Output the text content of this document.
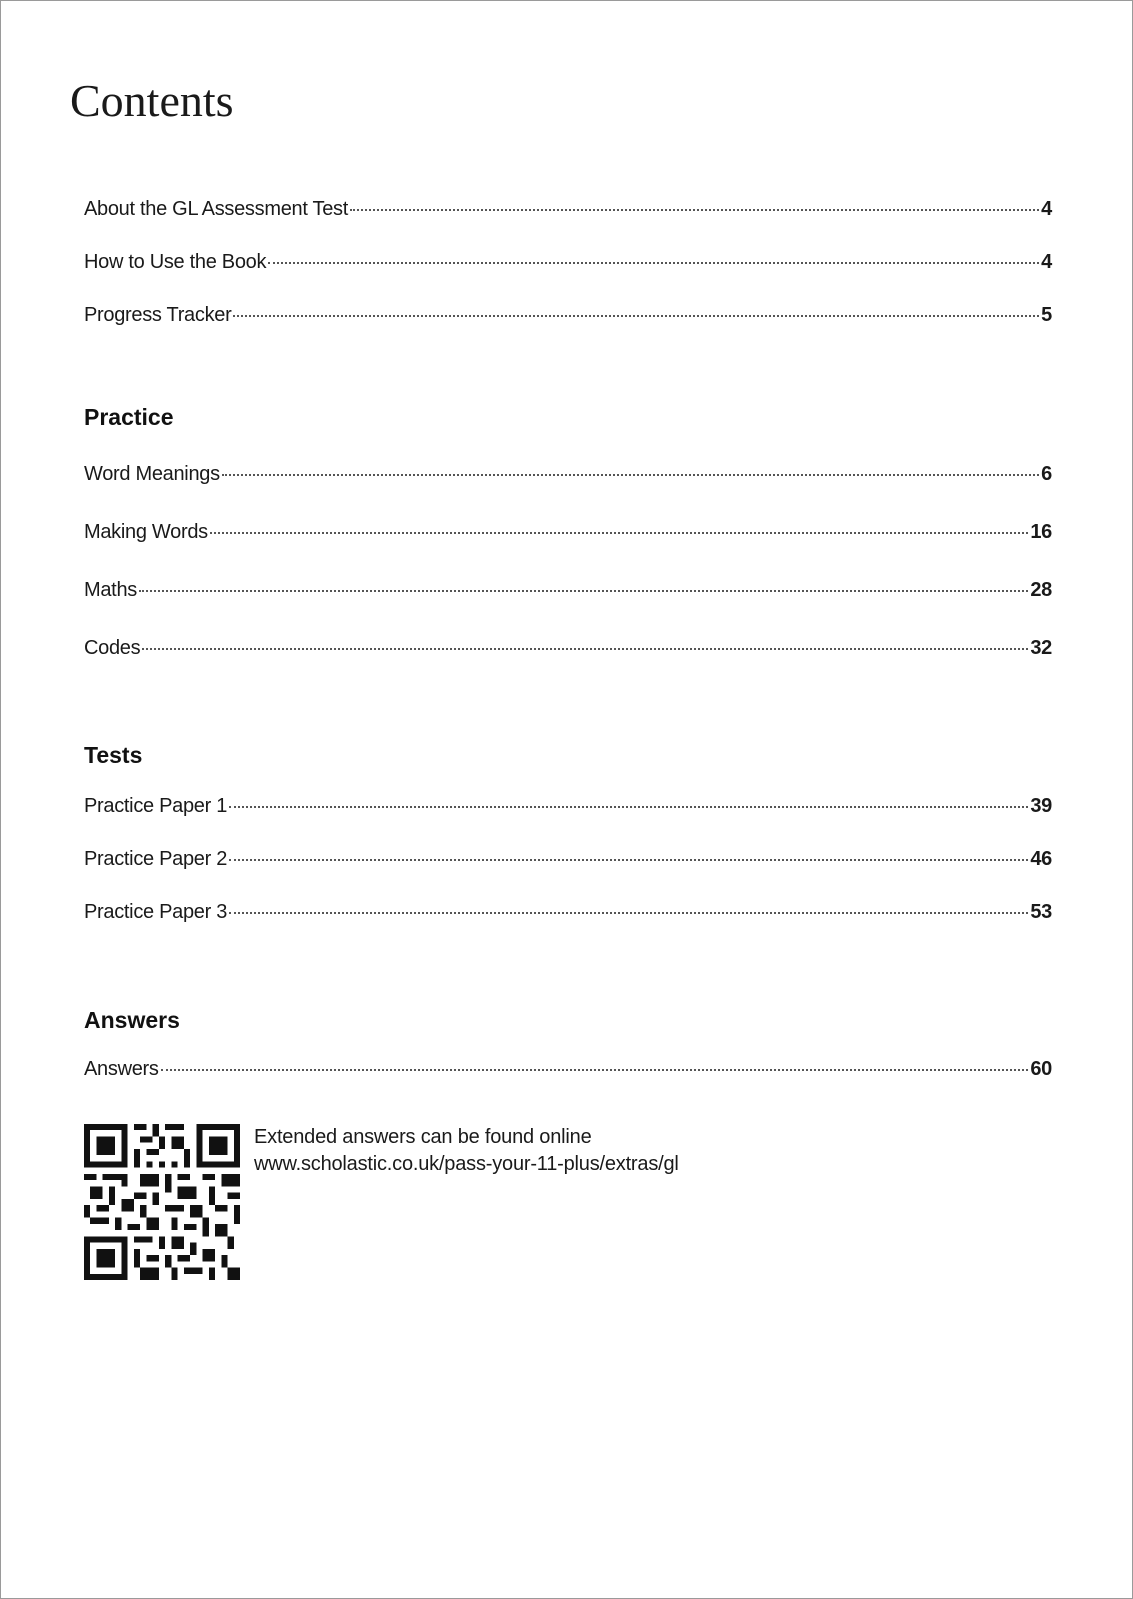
Contents
About the GL Assessment Test	4
How to Use the Book	4
Progress Tracker	5
Practice
Word Meanings	6
Making Words	16
Maths	28
Codes	32
Tests
Practice Paper 1	39
Practice Paper 2	46
Practice Paper 3	53
Answers
Answers	60
Extended answers can be found online
www.scholastic.co.uk/pass-your-11-plus/extras/gl
